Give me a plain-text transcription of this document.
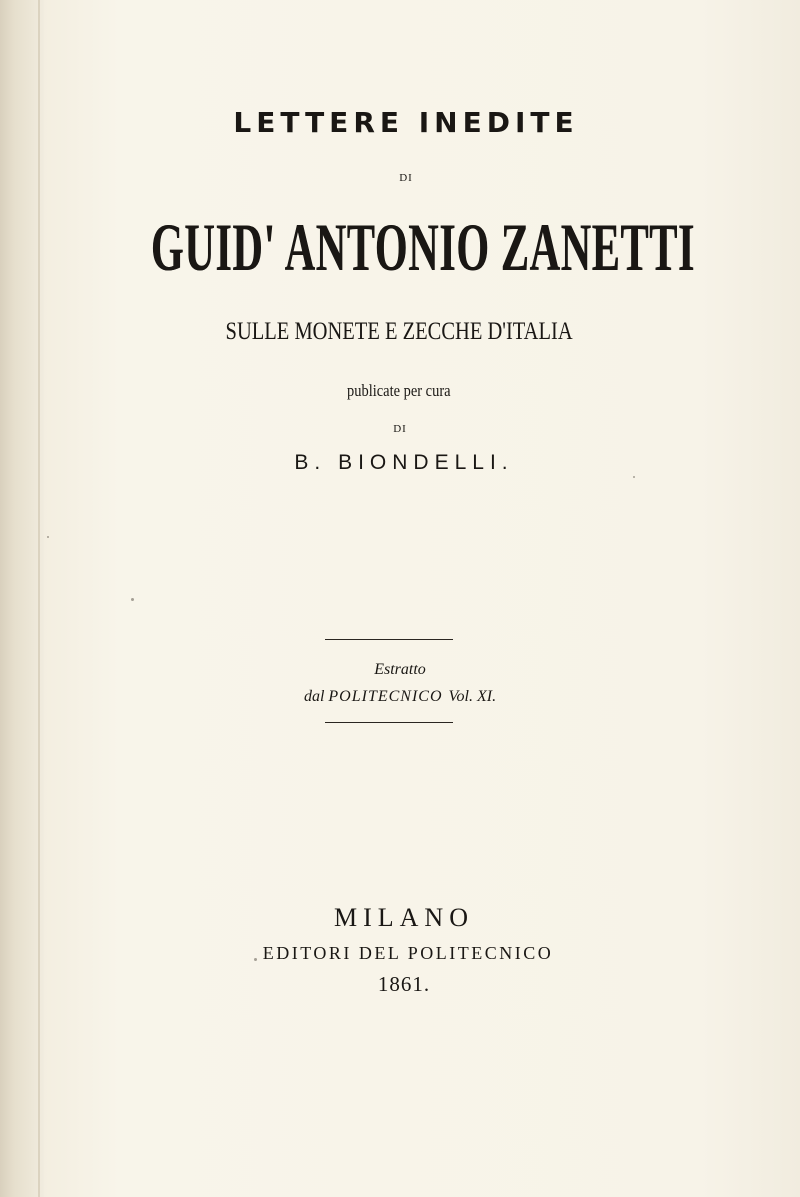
LETTERE INEDITE
DI
GUID' ANTONIO ZANETTI
SULLE MONETE E ZECCHE D'ITALIA
publicate per cura
DI
B. BIONDELLI.
Estratto
dal POLITECNICO Vol. XI.
MILANO
EDITORI DEL POLITECNICO
1861.
